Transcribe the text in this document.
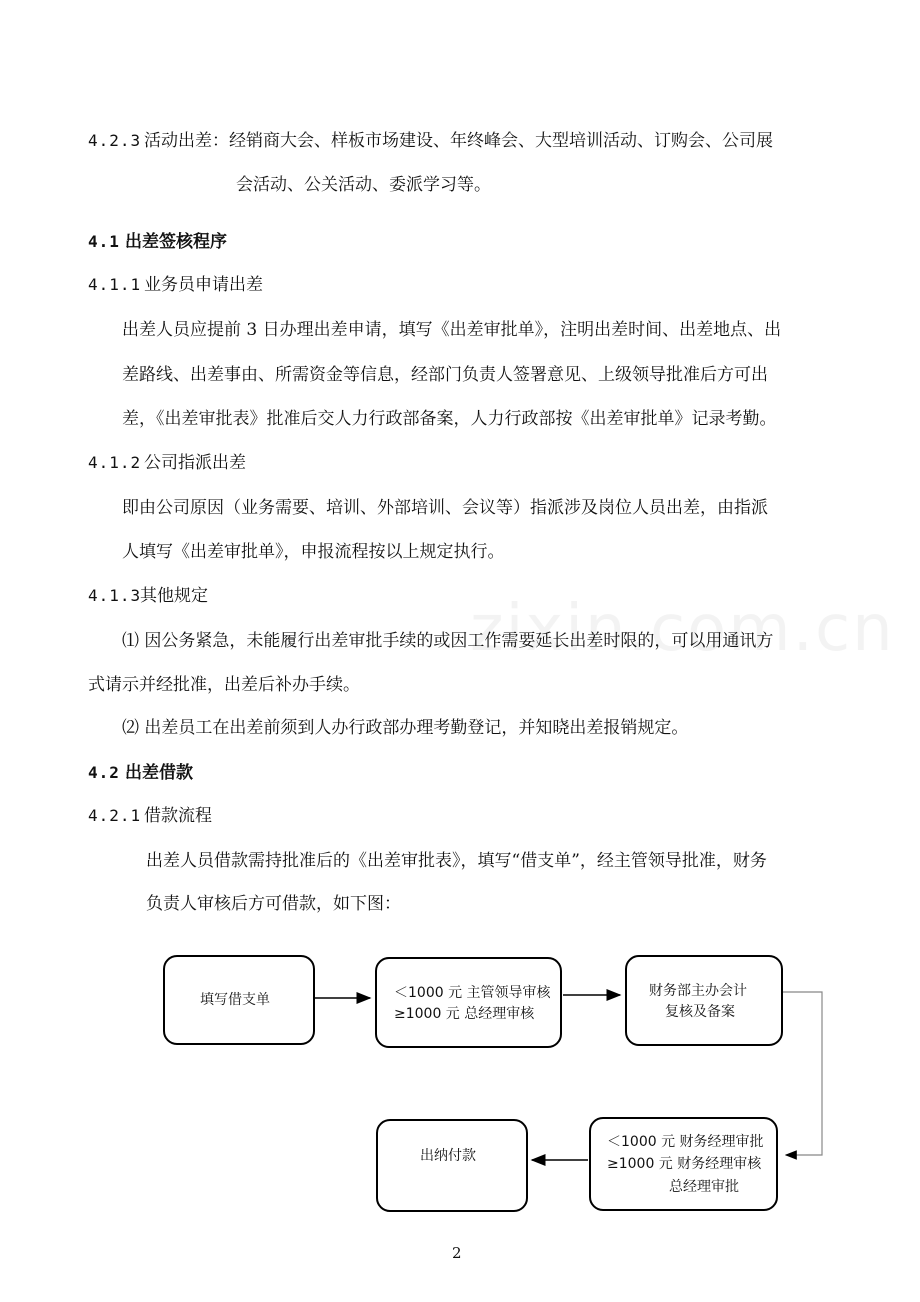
4.2.3 活动出差：经销商大会、样板市场建设、年终峰会、大型培训活动、订购会、公司展
会活动、公关活动、委派学习等。
4.1 出差签核程序
4.1.1 业务员申请出差
出差人员应提前 3 日办理出差申请，填写《出差审批单》，注明出差时间、出差地点、出
差路线、出差事由、所需资金等信息，经部门负责人签署意见、上级领导批准后方可出
差，《出差审批表》批准后交人力行政部备案，人力行政部按《出差审批单》记录考勤。
4.1.2 公司指派出差
即由公司原因（业务需要、培训、外部培训、会议等）指派涉及岗位人员出差，由指派
人填写《出差审批单》，申报流程按以上规定执行。
4.1.3
其他规定
⑴ 因公务紧急，未能履行出差审批手续的或因工作需要延长出差时限的，可以用通讯方
式请示并经批准，出差后补办手续。
⑵ 出差员工在出差前须到人办行政部办理考勤登记，并知晓出差报销规定。
4.2 出差借款
4.2.1 借款流程
出差人员借款需持批准后的《出差审批表》，填写“借支单”，经主管领导批准，财务
负责人审核后方可借款，如下图：
填写借支单	＜1000 元 主管领导审核
≥1000 元 总经理审核
财务部主办会计
复核及备案
＜1000 元 财务经理审批
≥1000 元 财务经理审核
总经理审批
出纳付款
2
